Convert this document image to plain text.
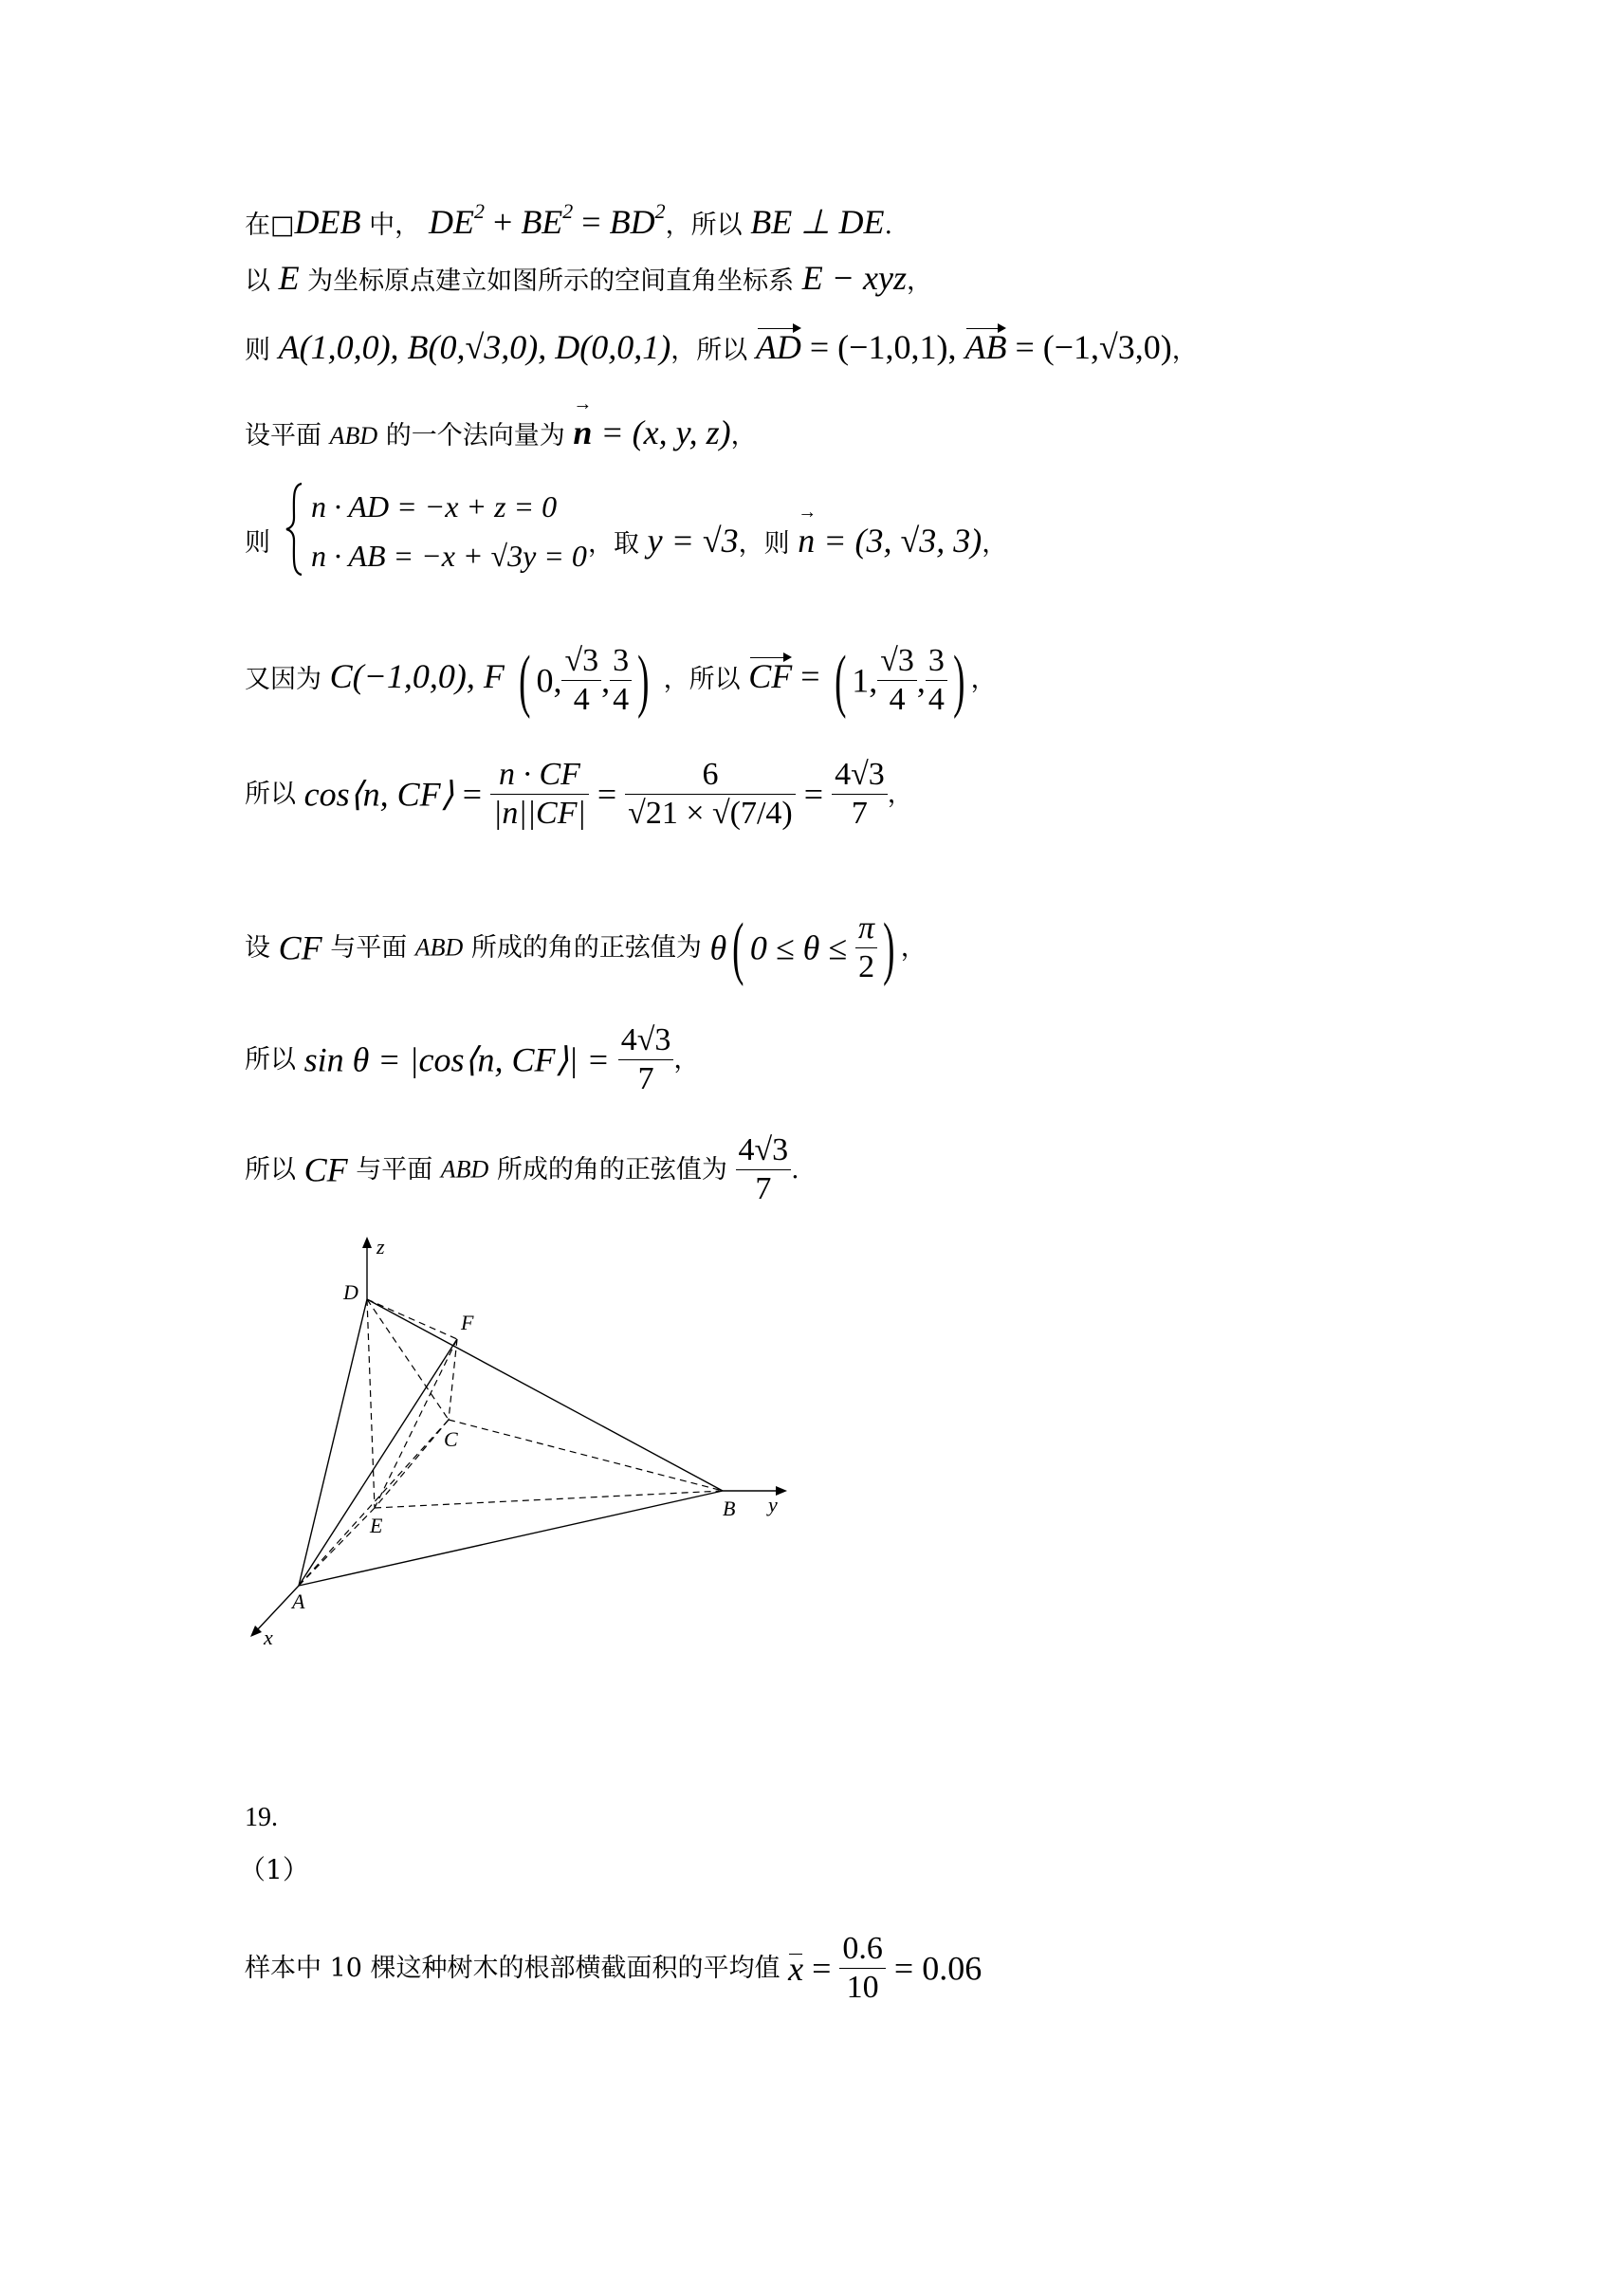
在□DEB 中， $DE^2 + BE^2 = BD^2$，所以 BE ⊥ DE.
以 E 为坐标原点建立如图所示的空间直角坐标系 E − xyz，
则 A(1,0,0), B(0,√3,0), D(0,0,1)，所以 AD = (−1,0,1), AB = (−1,√3,0)，
设平面 ABD 的一个法向量为 n → = (x, y, z)，
则
n · AD = −x + z = 0
n · AB = −x + √3y = 0 ，取 y = √3，则 n → = (3, √3, 3)，
又因为 C(−1,0,0), F ( 0, $\frac{√3}{4}$ , $\frac{3}{4}$ ) ，所以 CF = ( 1, $\frac{√3}{4}$ , $\frac{3}{4}$ ) ，
所以 cos⟨n, CF⟩ = $\frac{n \cdot CF}{|n||CF|} = \frac{6}{√21 \times √(7/4)} = \frac{4√3}{7}$ ，
设 CF 与平面 ABD 所成的角的正弦值为 θ( $0 \le \theta \le \frac{\pi}{2}$ ) ，
所以 sin θ = |cos⟨n, CF⟩| = $\frac{4√3}{7}$ ，
所以 CF 与平面 ABD 所成的角的正弦值为 $\frac{4√3}{7}$ .
z
D
F
C
E
B y
A
x
19.
（1）
样本中 10 棵这种树木的根部横截面积的平均值 $x = \frac{0.6}{10} = 0.06$
